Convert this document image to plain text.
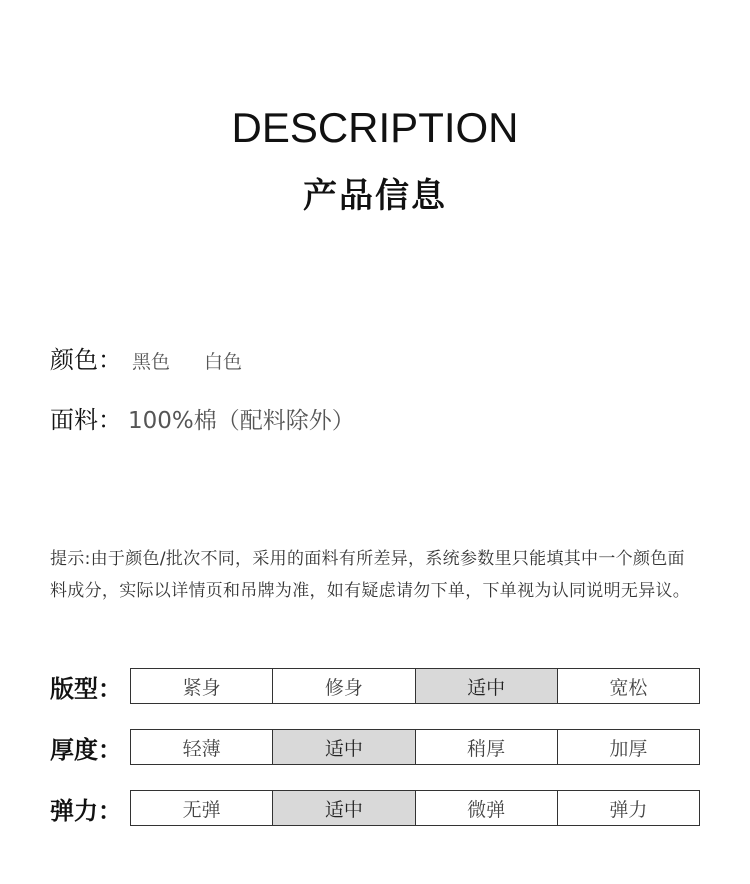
DESCRIPTION
产品信息
颜色： 黑色 白色
面料： 100%棉（配料除外）
提示:由于颜色/批次不同，采用的面料有所差异，系统参数里只能填其中一个颜色面料成分，实际以详情页和吊牌为准，如有疑虑请勿下单，下单视为认同说明无异议。
版型：	紧身	修身	适中	宽松
厚度：	轻薄	适中	稍厚	加厚
弹力：	无弹	适中	微弹	弹力
